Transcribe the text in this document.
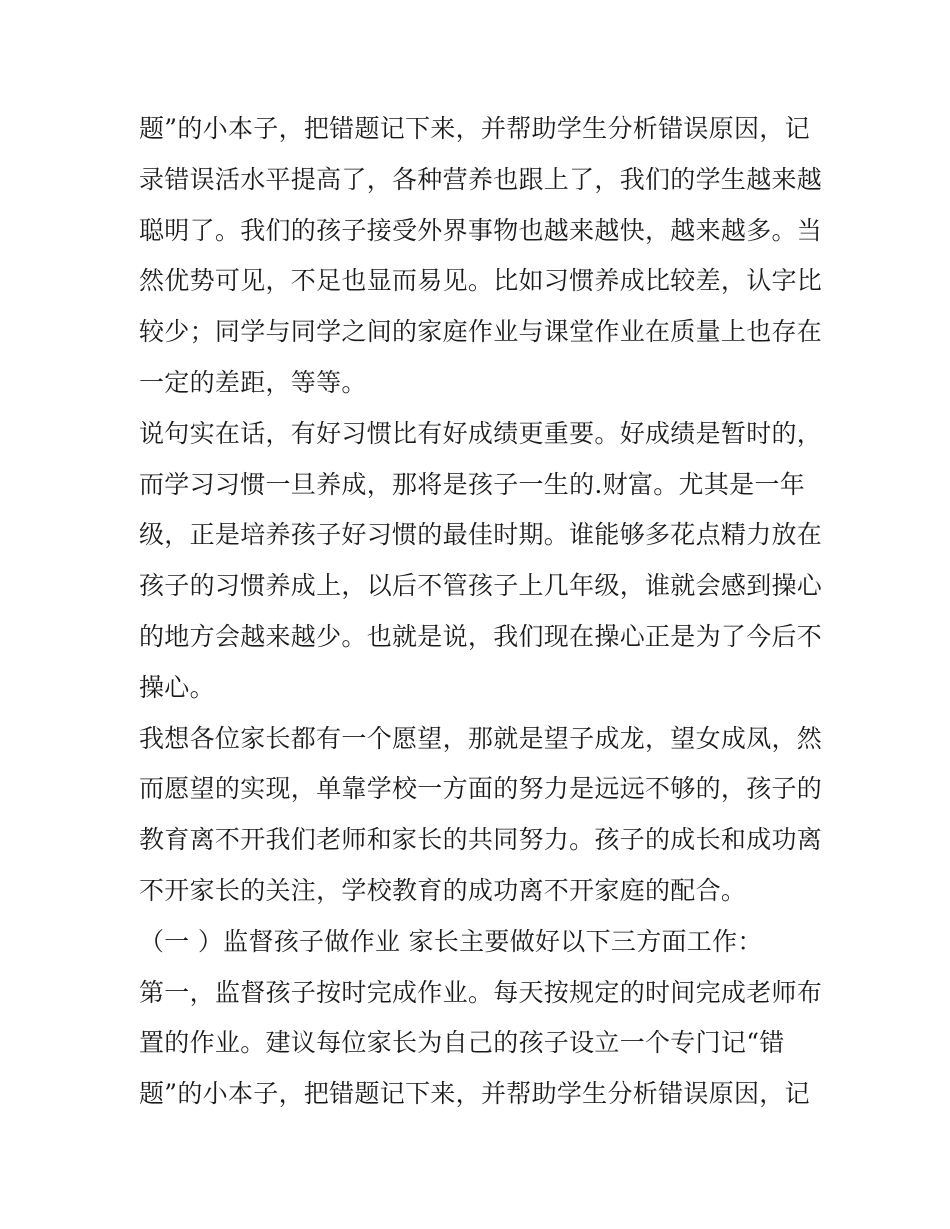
题”的小本子，把错题记下来，并帮助学生分析错误原因，记
录错误活水平提高了，各种营养也跟上了，我们的学生越来越
聪明了。我们的孩子接受外界事物也越来越快，越来越多。当
然优势可见，不足也显而易见。比如习惯养成比较差，认字比
较少；同学与同学之间的家庭作业与课堂作业在质量上也存在
一定的差距，等等。
说句实在话，有好习惯比有好成绩更重要。好成绩是暂时的，
而学习习惯一旦养成，那将是孩子一生的.财富。尤其是一年
级，正是培养孩子好习惯的最佳时期。谁能够多花点精力放在
孩子的习惯养成上，以后不管孩子上几年级，谁就会感到操心
的地方会越来越少。也就是说，我们现在操心正是为了今后不
操心。
我想各位家长都有一个愿望，那就是望子成龙，望女成凤，然
而愿望的实现，单靠学校一方面的努力是远远不够的，孩子的
教育离不开我们老师和家长的共同努力。孩子的成长和成功离
不开家长的关注，学校教育的成功离不开家庭的配合。
（一 ）监督孩子做作业 家长主要做好以下三方面工作：
第一，监督孩子按时完成作业。每天按规定的时间完成老师布
置的作业。建议每位家长为自己的孩子设立一个专门记“错
题”的小本子，把错题记下来，并帮助学生分析错误原因，记
